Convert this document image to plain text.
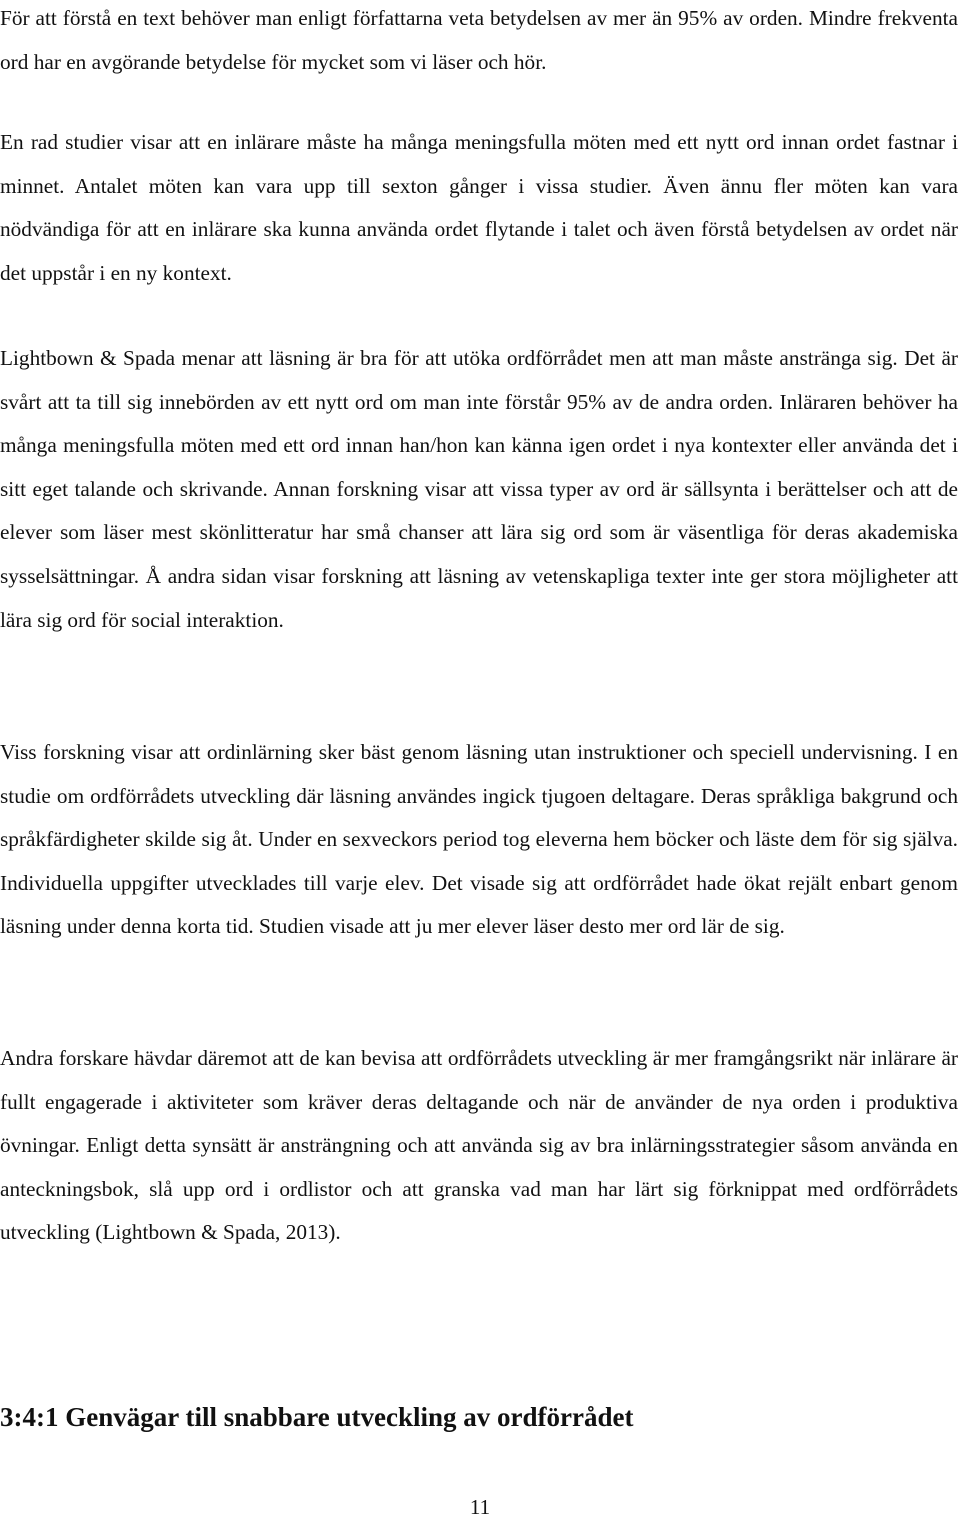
För att förstå en text behöver man enligt författarna veta betydelsen av mer än 95% av orden. Mindre frekventa ord har en avgörande betydelse för mycket som vi läser och hör.

En rad studier visar att en inlärare måste ha många meningsfulla möten med ett nytt ord innan ordet fastnar i minnet. Antalet möten kan vara upp till sexton gånger i vissa studier. Även ännu fler möten kan vara nödvändiga för att en inlärare ska kunna använda ordet flytande i talet och även förstå betydelsen av ordet när det uppstår i en ny kontext.

Lightbown & Spada menar att läsning är bra för att utöka ordförrådet men att man måste anstränga sig. Det är svårt att ta till sig innebörden av ett nytt ord om man inte förstår 95% av de andra orden. Inläraren behöver ha många meningsfulla möten med ett ord innan han/hon kan känna igen ordet i nya kontexter eller använda det i sitt eget talande och skrivande. Annan forskning visar att vissa typer av ord är sällsynta i berättelser och att de elever som läser mest skönlitteratur har små chanser att lära sig ord som är väsentliga för deras akademiska sysselsättningar. Å andra sidan visar forskning att läsning av vetenskapliga texter inte ger stora möjligheter att lära sig ord för social interaktion.

Viss forskning visar att ordinlärning sker bäst genom läsning utan instruktioner och speciell undervisning. I en studie om ordförrådets utveckling där läsning användes ingick tjugoen deltagare. Deras språkliga bakgrund och språkfärdigheter skilde sig åt. Under en sexveckors period tog eleverna hem böcker och läste dem för sig själva. Individuella uppgifter utvecklades till varje elev. Det visade sig att ordförrådet hade ökat rejält enbart genom läsning under denna korta tid. Studien visade att ju mer elever läser desto mer ord lär de sig.

Andra forskare hävdar däremot att de kan bevisa att ordförrådets utveckling är mer framgångsrikt när inlärare är fullt engagerade i aktiviteter som kräver deras deltagande och när de använder de nya orden i produktiva övningar. Enligt detta synsätt är ansträngning och att använda sig av bra inlärningsstrategier såsom använda en anteckningsbok, slå upp ord i ordlistor och att granska vad man har lärt sig förknippat med ordförrådets utveckling (Lightbown & Spada, 2013).

3:4:1 Genvägar till snabbare utveckling av ordförrådet
11
